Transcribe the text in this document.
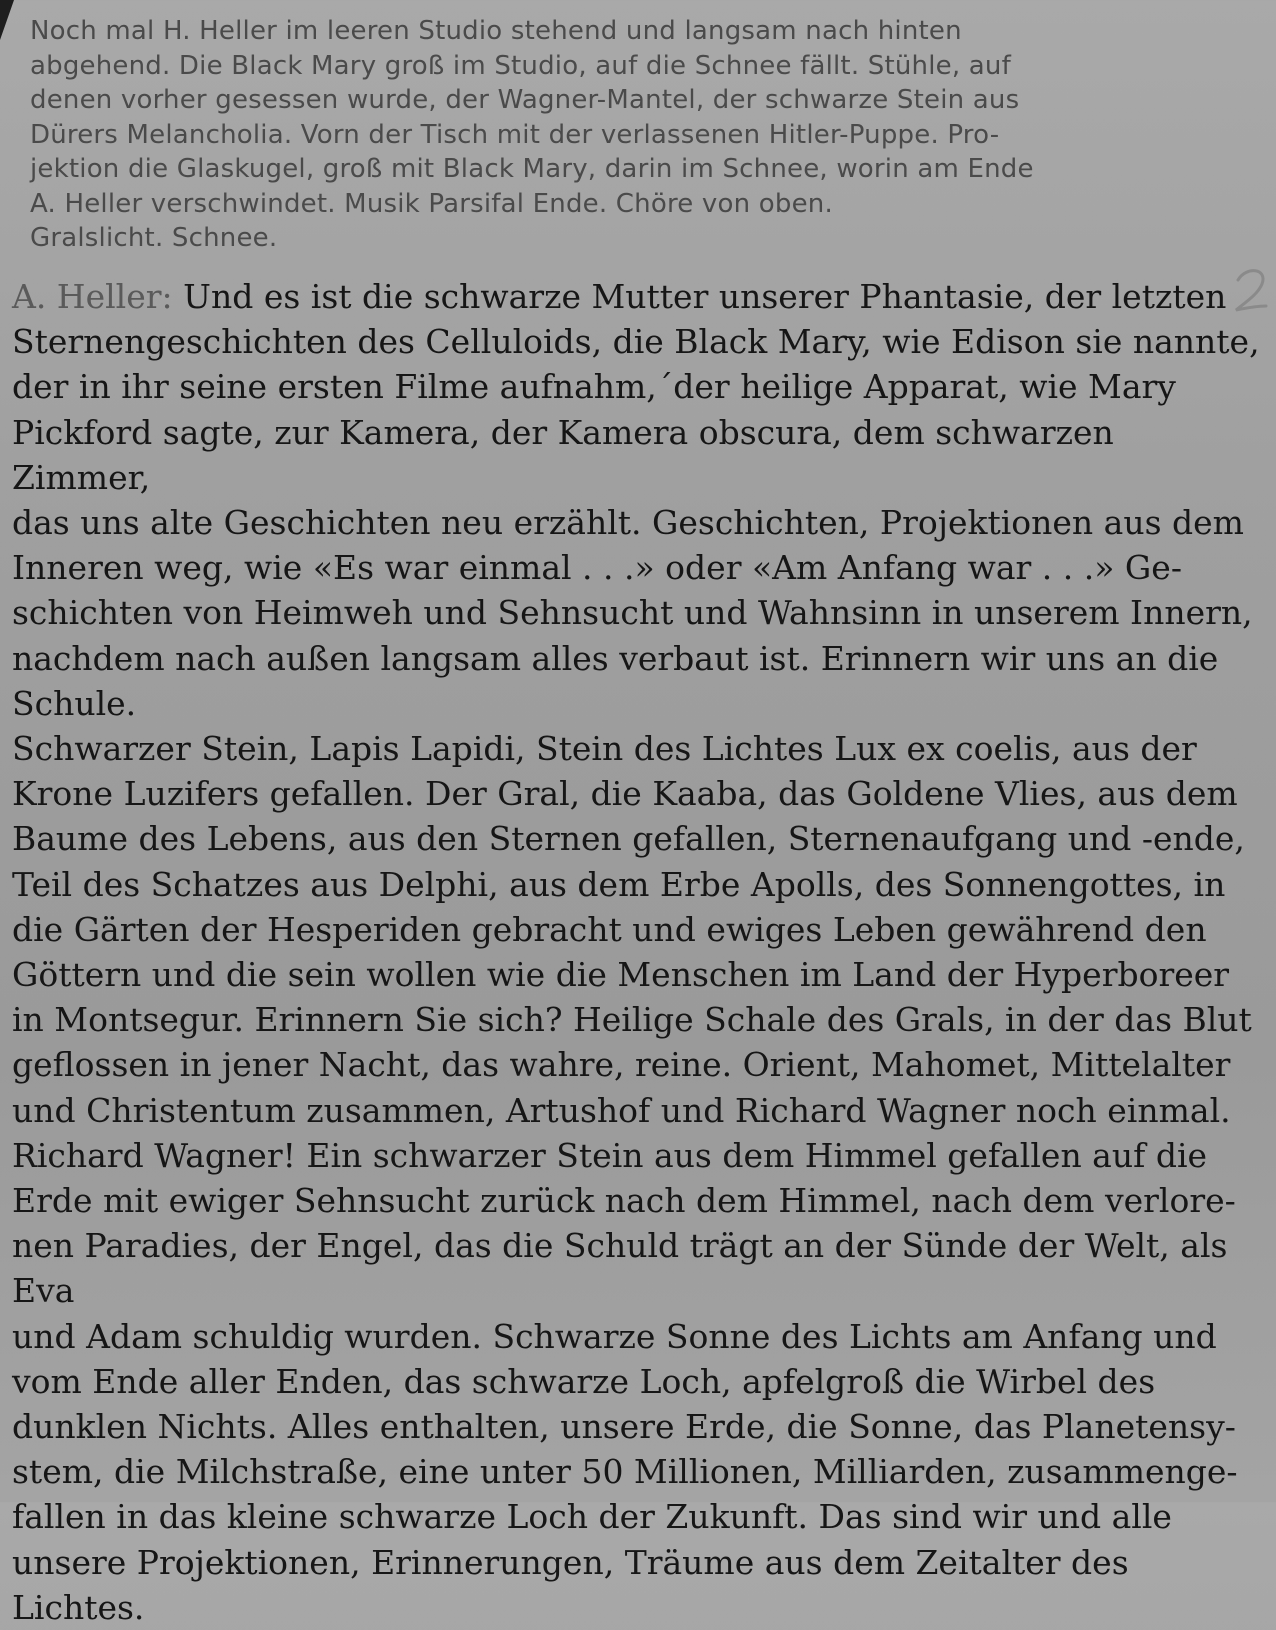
Noch mal H. Heller im leeren Studio stehend und langsam nach hinten
abgehend. Die Black Mary groß im Studio, auf die Schnee fällt. Stühle, auf
denen vorher gesessen wurde, der Wagner-Mantel, der schwarze Stein aus
Dürers Melancholia. Vorn der Tisch mit der verlassenen Hitler-Puppe. Pro-
jektion die Glaskugel, groß mit Black Mary, darin im Schnee, worin am Ende
A. Heller verschwindet. Musik Parsifal Ende. Chöre von oben.
Gralslicht. Schnee.
A. Heller: Und es ist die schwarze Mutter unserer Phantasie, der letzten
Sternengeschichten des Celluloids, die Black Mary, wie Edison sie nannte,
der in ihr seine ersten Filme aufnahm,´der heilige Apparat, wie Mary
Pickford sagte, zur Kamera, der Kamera obscura, dem schwarzen Zimmer,
das uns alte Geschichten neu erzählt. Geschichten, Projektionen aus dem
Inneren weg, wie «Es war einmal . . .» oder «Am Anfang war . . .» Ge-
schichten von Heimweh und Sehnsucht und Wahnsinn in unserem Innern,
nachdem nach außen langsam alles verbaut ist. Erinnern wir uns an die
Schule.
Schwarzer Stein, Lapis Lapidi, Stein des Lichtes Lux ex coelis, aus der
Krone Luzifers gefallen. Der Gral, die Kaaba, das Goldene Vlies, aus dem
Baume des Lebens, aus den Sternen gefallen, Sternenaufgang und -ende,
Teil des Schatzes aus Delphi, aus dem Erbe Apolls, des Sonnengottes, in
die Gärten der Hesperiden gebracht und ewiges Leben gewährend den
Göttern und die sein wollen wie die Menschen im Land der Hyperboreer
in Montsegur. Erinnern Sie sich? Heilige Schale des Grals, in der das Blut
geflossen in jener Nacht, das wahre, reine. Orient, Mahomet, Mittelalter
und Christentum zusammen, Artushof und Richard Wagner noch einmal.
Richard Wagner! Ein schwarzer Stein aus dem Himmel gefallen auf die
Erde mit ewiger Sehnsucht zurück nach dem Himmel, nach dem verlore-
nen Paradies, der Engel, das die Schuld trägt an der Sünde der Welt, als Eva
und Adam schuldig wurden. Schwarze Sonne des Lichts am Anfang und
vom Ende aller Enden, das schwarze Loch, apfelgroß die Wirbel des
dunklen Nichts. Alles enthalten, unsere Erde, die Sonne, das Planetensy-
stem, die Milchstraße, eine unter 50 Millionen, Milliarden, zusammenge-
fallen in das kleine schwarze Loch der Zukunft. Das sind wir und alle
unsere Projektionen, Erinnerungen, Träume aus dem Zeitalter des Lichtes.
